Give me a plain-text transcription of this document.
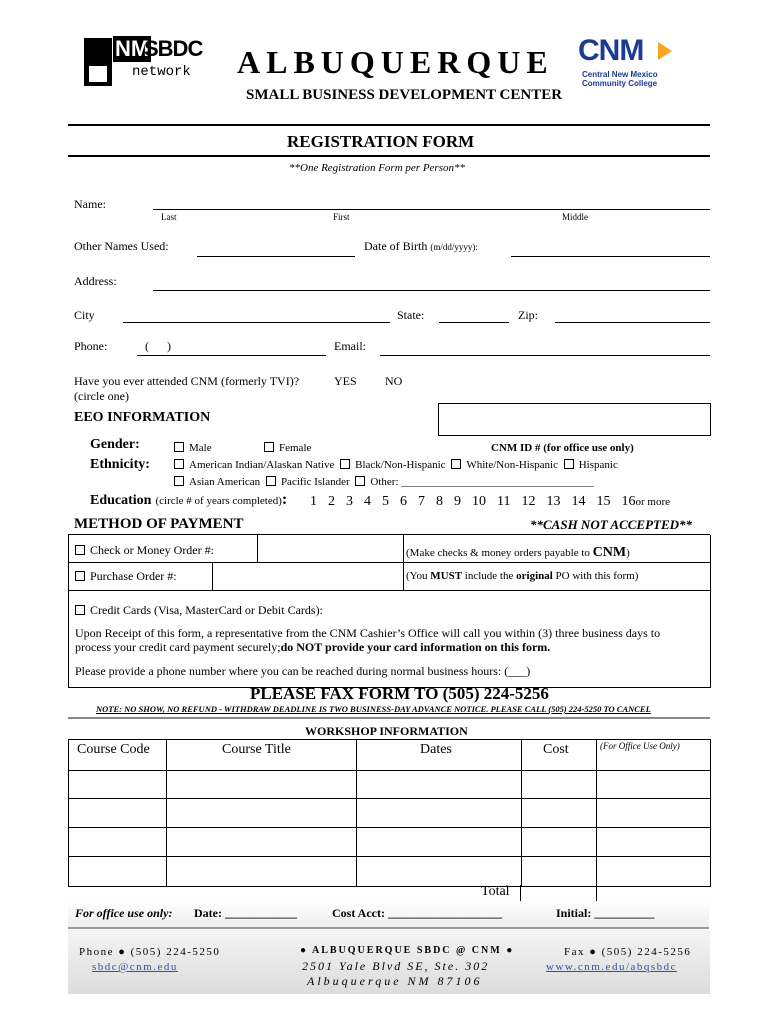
NM
SBDC
network ALBUQUERQUE
SMALL BUSINESS DEVELOPMENT CENTER
CNM
Central New Mexico
Community College
REGISTRATION FORM
**One Registration Form per Person**
Name:
Last	First	Middle
Other Names Used:	Date of Birth (m/dd/yyyy):
Address:
City	State:	Zip:
Phone:	(      )	Email:
Have you ever attended CNM (formerly TVI)?
(circle one)
YES NO
EEO INFORMATION
Gender:	Male	Female	CNM ID # (for office use only)
Ethnicity:	American Indian/Alaskan Native Black/Non-Hispanic White/Non-Hispanic Hispanic
Asian American Pacific Islander Other: ___________________________________
Education (circle # of years completed): 1 2 3 4 5 6 7 8 9 10 11 12 13 14 15 16or more
METHOD OF PAYMENT	**CASH NOT ACCEPTED**
Check or Money Order #:	(Make checks & money orders payable to CNM)
Purchase Order #:	(You MUST include the original PO with this form)
Credit Cards (Visa, MasterCard or Debit Cards):
Upon Receipt of this form, a representative from the CNM Cashier’s Office will call you within (3) three business days to
process your credit card payment securely;do NOT provide your card information on this form.
Please provide a phone number where you can be reached during normal business hours: (___)
PLEASE FAX FORM TO (505) 224-5256
NOTE: NO SHOW, NO REFUND - WITHDRAW DEADLINE IS TWO BUSINESS-DAY ADVANCE NOTICE. PLEASE CALL (505) 224-5250 TO CANCEL
WORKSHOP INFORMATION
Course Code	Course Title	Dates	Cost	(For Office Use Only)
Total
For office use only: Date: ____________	Cost Acct: ___________________	Initial: __________
Phone ● (505) 224-5250
sbdc@cnm.edu
● ALBUQUERQUE SBDC @ CNM ●
2501 Yale Blvd SE, Ste. 302
Albuquerque NM 87106
Fax ● (505) 224-5256
www.cnm.edu/abqsbdc
